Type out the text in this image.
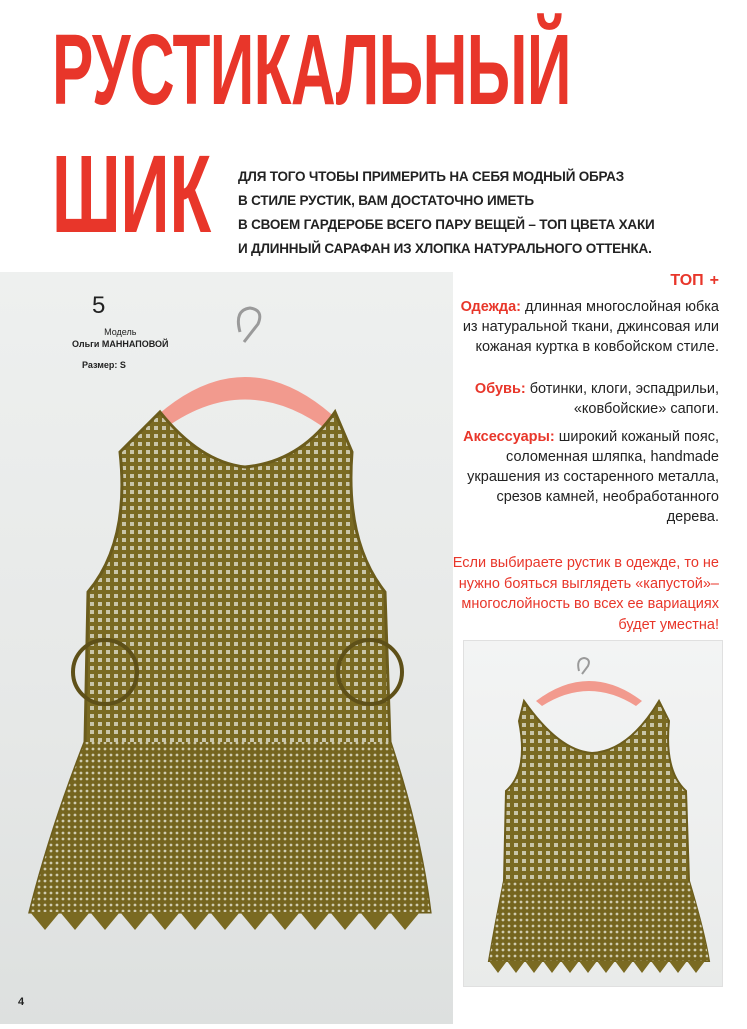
РУСТИКАЛЬНЫЙ
ШИК ДЛЯ ТОГО ЧТОБЫ ПРИМЕРИТЬ НА СЕБЯ МОДНЫЙ ОБРАЗ
В СТИЛЕ РУСТИК, ВАМ ДОСТАТОЧНО ИМЕТЬ
В СВОЕМ ГАРДЕРОБЕ ВСЕГО ПАРУ ВЕЩЕЙ – ТОП ЦВЕТА ХАКИ
И ДЛИННЫЙ САРАФАН ИЗ ХЛОПКА НАТУРАЛЬНОГО ОТТЕНКА.
5
Модель
Ольги МАННАПОВОЙ
Размер: S
ТОП +
Одежда: длинная многослойная юбка из натуральной ткани, джинсовая или кожаная куртка в ковбойском стиле.
Обувь: ботинки, клоги, эспадрильи, «ковбойские» сапоги.
Аксессуары: широкий кожаный пояс, соломенная шляпка, handmade украшения из состаренного металла, срезов камней, необработанного дерева.
Если выбираете рустик в одежде, то не нужно бояться выглядеть «капустой»– многослойность во всех ее вариациях будет уместна!
4
